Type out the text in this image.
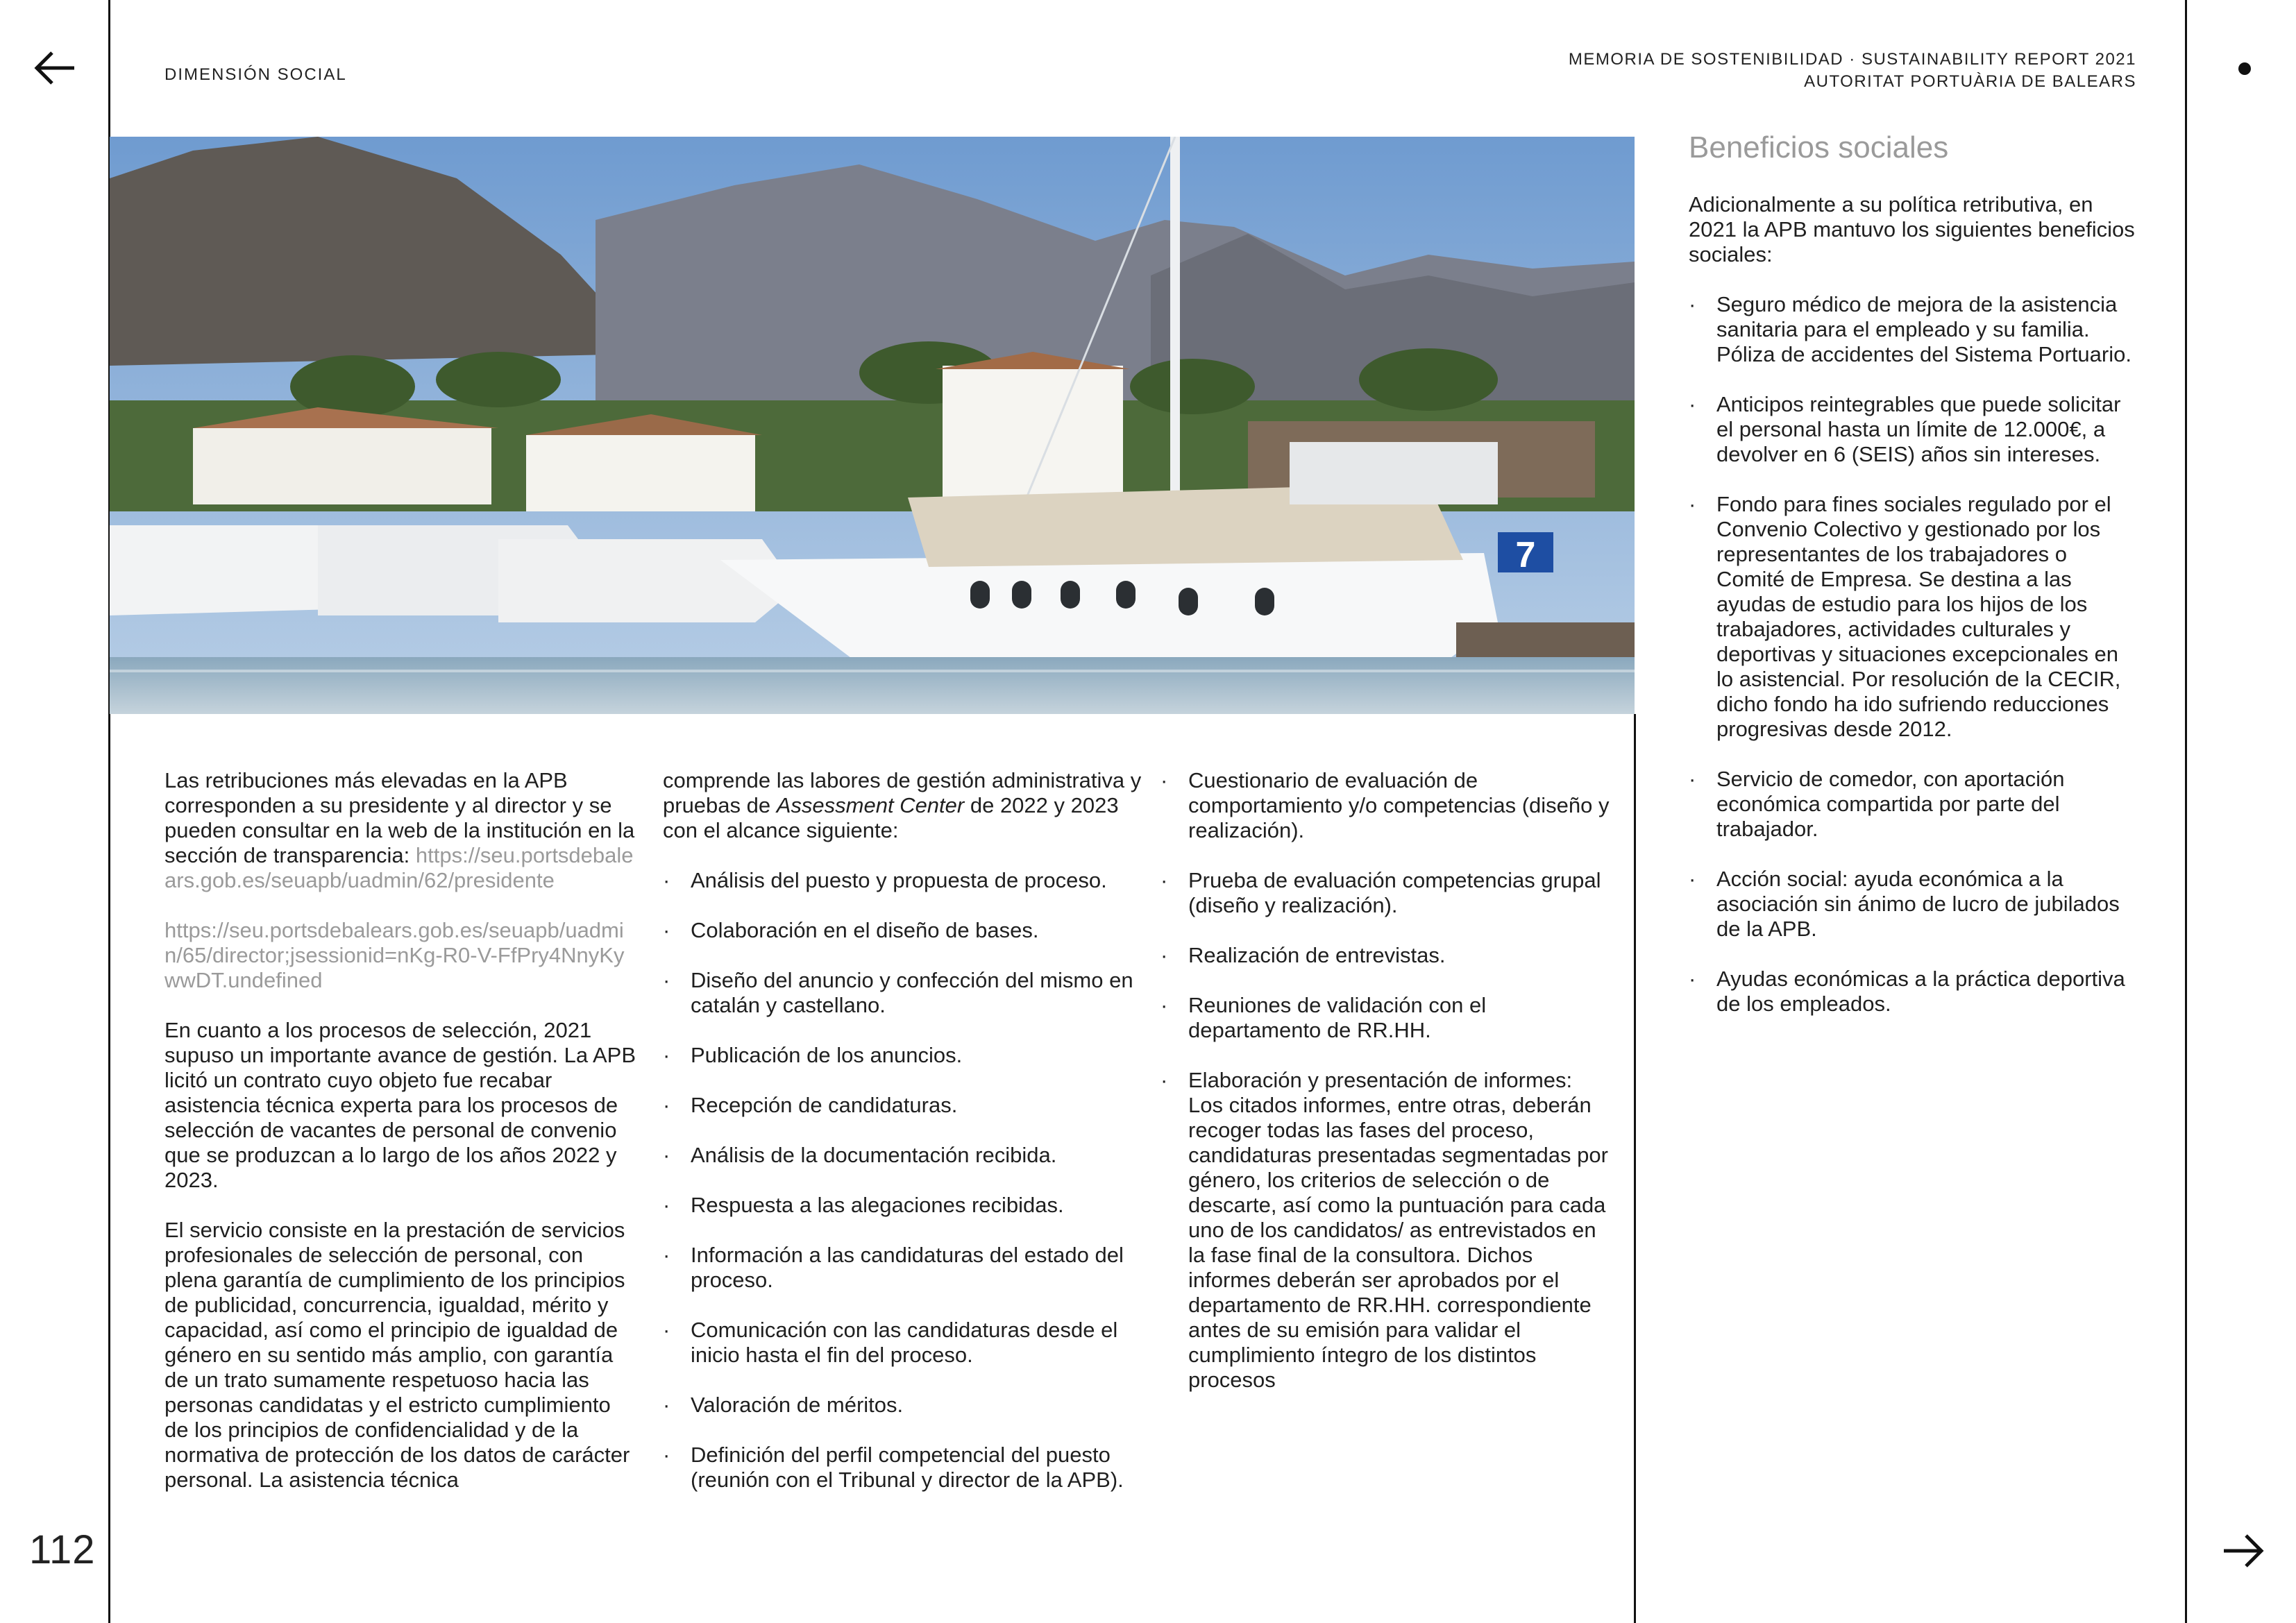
112
DIMENSIÓN SOCIAL
MEMORIA DE SOSTENIBILIDAD · SUSTAINABILITY REPORT 2021
AUTORITAT PORTUÀRIA DE BALEARS
7

Las retribuciones más elevadas en la APB corresponden a su presidente y al director y se pueden consultar en la web de la institución en la sección de transparencia: https://seu.portsdebalears.gob.es/seuapb/uadmin/62/presidente

https://seu.portsdebalears.gob.es/seuapb/uadmin/65/director;jsessionid=nKg-R0-V-FfPry4NnyKywwDT.undefined

En cuanto a los procesos de selección, 2021 supuso un importante avance de gestión. La APB licitó un contrato cuyo objeto fue recabar asistencia técnica experta para los procesos de selección de vacantes de personal de convenio que se produzcan a lo largo de los años 2022 y 2023.

El servicio consiste en la prestación de servicios profesionales de selección de personal, con plena garantía de cumplimiento de los principios de publicidad, concurrencia, igualdad, mérito y capacidad, así como el principio de igualdad de género en su sentido más amplio, con garantía de un trato sumamente respetuoso hacia las personas candidatas y el estricto cumplimiento de los principios de confidencialidad y de la normativa de protección de los datos de carácter personal. La asistencia técnica

comprende las labores de gestión administrativa y pruebas de Assessment Center de 2022 y 2023 con el alcance siguiente:

· Análisis del puesto y propuesta de proceso.
· Colaboración en el diseño de bases.
· Diseño del anuncio y confección del mismo en catalán y castellano.
· Publicación de los anuncios.
· Recepción de candidaturas.
· Análisis de la documentación recibida.
· Respuesta a las alegaciones recibidas.
· Información a las candidaturas del estado del proceso.
· Comunicación con las candidaturas desde el inicio hasta el fin del proceso.
· Valoración de méritos.
· Definición del perfil competencial del puesto (reunión con el Tribunal y director de la APB).
· Cuestionario de evaluación de comportamiento y/o competencias (diseño y realización).
· Prueba de evaluación competencias grupal (diseño y realización).
· Realización de entrevistas.
· Reuniones de validación con el departamento de RR.HH.
· Elaboración y presentación de informes: Los citados informes, entre otras, deberán recoger todas las fases del proceso, candidaturas presentadas segmentadas por género, los criterios de selección o de descarte, así como la puntuación para cada uno de los candidatos/ as entrevistados en la fase final de la consultora. Dichos informes deberán ser aprobados por el departamento de RR.HH. correspondiente antes de su emisión para validar el cumplimiento íntegro de los distintos procesos
Beneficios sociales
Adicionalmente a su política retributiva, en 2021 la APB mantuvo los siguientes beneficios sociales:
· Seguro médico de mejora de la asistencia sanitaria para el empleado y su familia. Póliza de accidentes del Sistema Portuario.
· Anticipos reintegrables que puede solicitar el personal hasta un límite de 12.000€, a devolver en 6 (SEIS) años sin intereses.
· Fondo para fines sociales regulado por el Convenio Colectivo y gestionado por los representantes de los trabajadores o Comité de Empresa. Se destina a las ayudas de estudio para los hijos de los trabajadores, actividades culturales y deportivas y situaciones excepcionales en lo asistencial. Por resolución de la CECIR, dicho fondo ha ido sufriendo reducciones progresivas desde 2012.
· Servicio de comedor, con aportación económica compartida por parte del trabajador.
· Acción social: ayuda económica a la asociación sin ánimo de lucro de jubilados de la APB.
· Ayudas económicas a la práctica deportiva de los empleados.
